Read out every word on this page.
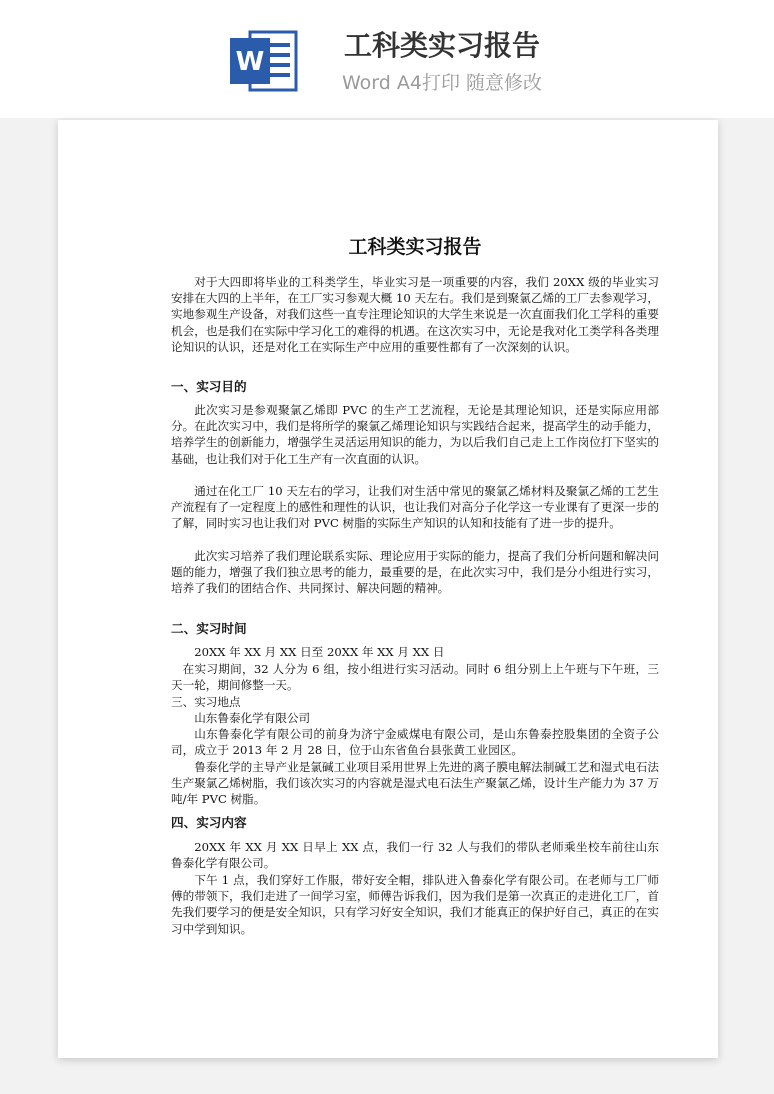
W	工科类实习报告
Word A4打印 随意修改
工科类实习报告

对于大四即将毕业的工科类学生，毕业实习是一项重要的内容，我们 20XX 级的毕业实习安排在大四的上半年，在工厂实习参观大概 10 天左右。我们是到聚氯乙烯的工厂去参观学习，实地参观生产设备，对我们这些一直专注理论知识的大学生来说是一次直面我们化工学科的重要机会，也是我们在实际中学习化工的难得的机遇。在这次实习中，无论是我对化工类学科各类理论知识的认识，还是对化工在实际生产中应用的重要性都有了一次深刻的认识。

一、实习目的

此次实习是参观聚氯乙烯即 PVC 的生产工艺流程，无论是其理论知识，还是实际应用部分。在此次实习中，我们是将所学的聚氯乙烯理论知识与实践结合起来，提高学生的动手能力，培养学生的创新能力，增强学生灵活运用知识的能力，为以后我们自己走上工作岗位打下坚实的基础，也让我们对于化工生产有一次直面的认识。

通过在化工厂 10 天左右的学习，让我们对生活中常见的聚氯乙烯材料及聚氯乙烯的工艺生产流程有了一定程度上的感性和理性的认识，也让我们对高分子化学这一专业课有了更深一步的了解，同时实习也让我们对 PVC 树脂的实际生产知识的认知和技能有了进一步的提升。

此次实习培养了我们理论联系实际、理论应用于实际的能力，提高了我们分析问题和解决问题的能力，增强了我们独立思考的能力，最重要的是，在此次实习中，我们是分小组进行实习，培养了我们的团结合作、共同探讨、解决问题的精神。

二、实习时间

20XX 年 XX 月 XX 日至 20XX 年 XX 月 XX 日

在实习期间，32 人分为 6 组，按小组进行实习活动。同时 6 组分别上上午班与下午班，三天一轮，期间修整一天。

三、实习地点

山东鲁泰化学有限公司

山东鲁泰化学有限公司的前身为济宁金威煤电有限公司，是山东鲁泰控股集团的全资子公司，成立于 2013 年 2 月 28 日，位于山东省鱼台县张黄工业园区。

鲁泰化学的主导产业是氯碱工业项目采用世界上先进的离子膜电解法制碱工艺和湿式电石法生产聚氯乙烯树脂，我们该次实习的内容就是湿式电石法生产聚氯乙烯，设计生产能力为 37 万吨/年 PVC 树脂。

四、实习内容

20XX 年 XX 月 XX 日早上 XX 点，我们一行 32 人与我们的带队老师乘坐校车前往山东鲁泰化学有限公司。

下午 1 点，我们穿好工作服，带好安全帽，排队进入鲁泰化学有限公司。在老师与工厂师傅的带领下，我们走进了一间学习室，师傅告诉我们，因为我们是第一次真正的走进化工厂，首先我们要学习的便是安全知识，只有学习好安全知识，我们才能真正的保护好自己，真正的在实习中学到知识。
